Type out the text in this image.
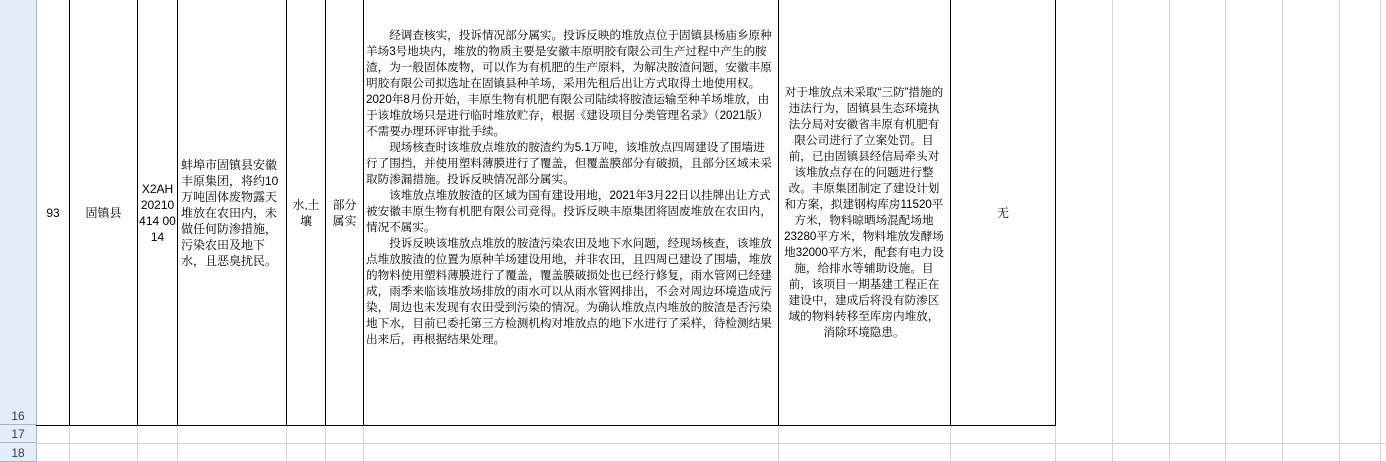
16
17
18
93 固镇县
X2AH20210414 0014
蚌埠市固镇县安徽丰原集团，将约10万吨固体废物露天堆放在农田内，未做任何防渗措施，污染农田及地下水，且恶臭扰民。
水,土壤
部分属实

经调查核实，投诉情况部分属实。投诉反映的堆放点位于固镇县杨庙乡原种羊场3号地块内，堆放的物质主要是安徽丰原明胶有限公司生产过程中产生的胺渣，为一般固体废物，可以作为有机肥的生产原料，为解决胺渣问题，安徽丰原明胶有限公司拟选址在固镇县种羊场，采用先租后出让方式取得土地使用权。2020年8月份开始，丰原生物有机肥有限公司陆续将胺渣运输至种羊场堆放，由于该堆放场只是进行临时堆放贮存，根据《建设项目分类管理名录》（2021版）不需要办理环评审批手续。

现场核查时该堆放点堆放的胺渣约为5.1万吨，该堆放点四周建设了围墙进行了围挡，并使用塑料薄膜进行了覆盖，但覆盖膜部分有破损，且部分区域未采取防渗漏措施。投诉反映情况部分属实。

该堆放点堆放胺渣的区域为国有建设用地，2021年3月22日以挂牌出让方式被安徽丰原生物有机肥有限公司竞得。投诉反映丰原集团将固废堆放在农田内，情况不属实。

投诉反映该堆放点堆放的胺渣污染农田及地下水问题，经现场核查，该堆放点堆放胺渣的位置为原种羊场建设用地，并非农田，且四周已建设了围墙，堆放的物料使用塑料薄膜进行了覆盖，覆盖膜破损处也已经行修复，雨水管网已经建成，雨季来临该堆放场排放的雨水可以从雨水管网排出，不会对周边环境造成污染，周边也未发现有农田受到污染的情况。为确认堆放点内堆放的胺渣是否污染地下水，目前已委托第三方检测机构对堆放点的地下水进行了采样，待检测结果出来后，再根据结果处理。

对于堆放点未采取“三防”措施的违法行为，固镇县生态环境执法分局对安徽省丰原有机肥有限公司进行了立案处罚。目前，已由固镇县经信局牵头对该堆放点存在的问题进行整改。丰原集团制定了建设计划和方案，拟建钢构库房11520平方米，物料晾晒场混配场地23280平方米，物料堆放发酵场地32000平方米，配套有电力设施，给排水等辅助设施。目前，该项目一期基建工程正在建设中，建成后将没有防渗区域的物料转移至库房内堆放，消除环境隐患。
无
